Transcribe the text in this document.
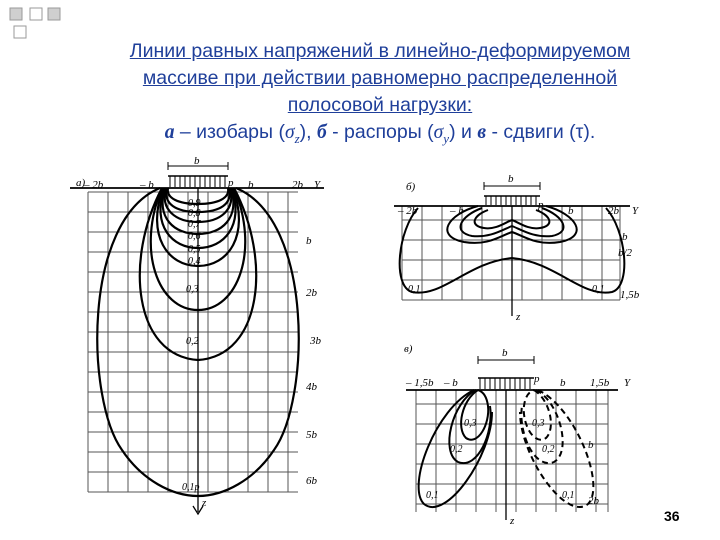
Линии равных напряжений в линейно-деформируемом
массиве при действии равномерно распределенной
полосовой нагрузки:
а – изобары $(\sigma_z)$, б - распоры $(\sigma_y)$ и в - сдвиги (τ).
0,9
0,8
0,7
0,6
0,5
0,4
0,3
0,2
0,1p
а)
b
– 2b	– b	p b	2b Y
b
2b
3b
4b
5b
6b
z
0,1	0,1
б)
b
– 2b	– b	p b	2b Y
b
b/2
1,5b
z
0,3
0,2
0,1
0,3
0,2
0,1
в)	b
– 1,5b – b	p b 1,5b Y
b
2b
z	36
